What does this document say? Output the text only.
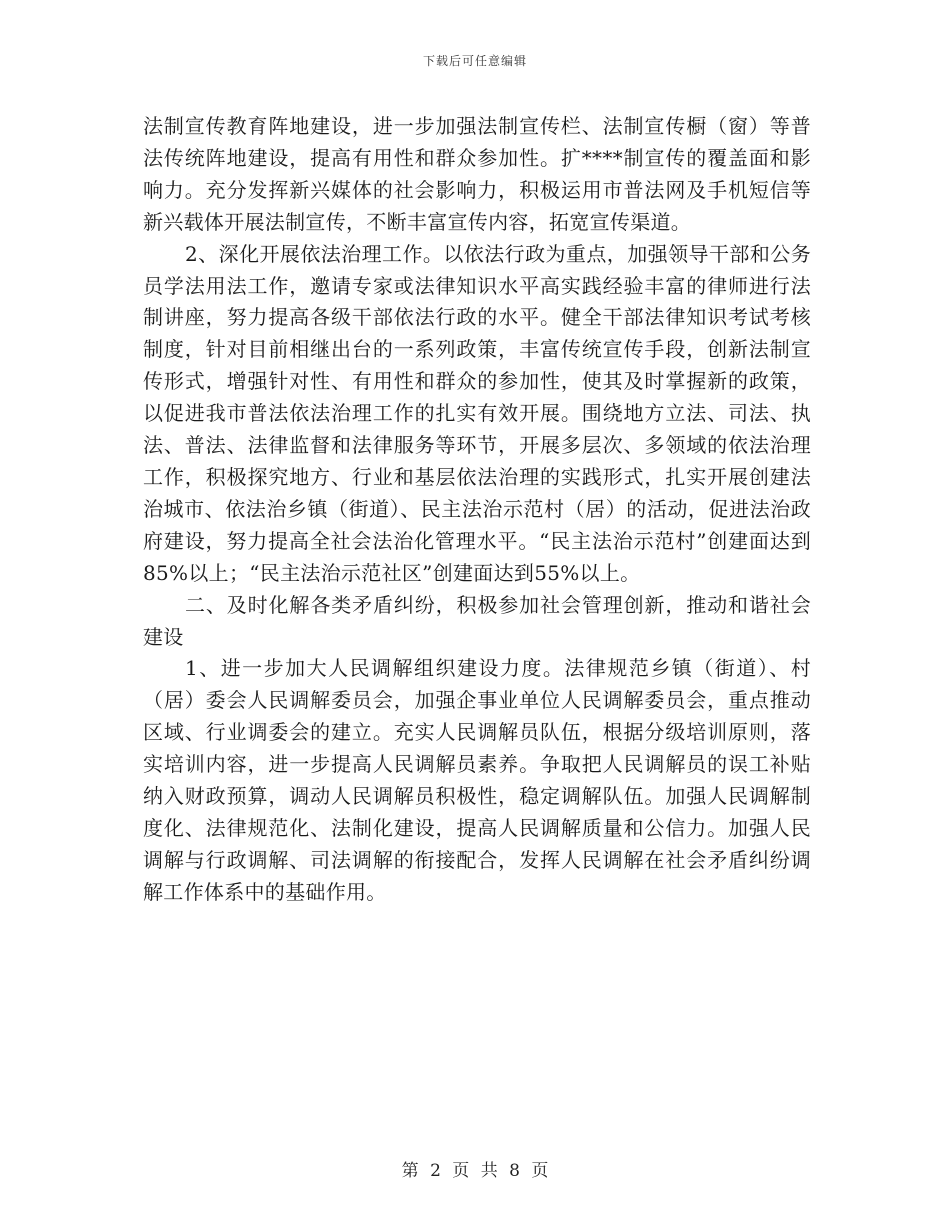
下载后可任意编辑

法制宣传教育阵地建设，进一步加强法制宣传栏、法制宣传橱（窗）等普法传统阵地建设，提高有用性和群众参加性。扩****制宣传的覆盖面和影响力。充分发挥新兴媒体的社会影响力，积极运用市普法网及手机短信等新兴载体开展法制宣传，不断丰富宣传内容，拓宽宣传渠道。

2、深化开展依法治理工作。以依法行政为重点，加强领导干部和公务员学法用法工作，邀请专家或法律知识水平高实践经验丰富的律师进行法制讲座，努力提高各级干部依法行政的水平。健全干部法律知识考试考核制度，针对目前相继出台的一系列政策，丰富传统宣传手段，创新法制宣传形式，增强针对性、有用性和群众的参加性，使其及时掌握新的政策，以促进我市普法依法治理工作的扎实有效开展。围绕地方立法、司法、执法、普法、法律监督和法律服务等环节，开展多层次、多领域的依法治理工作，积极探究地方、行业和基层依法治理的实践形式，扎实开展创建法治城市、依法治乡镇（街道）、民主法治示范村（居）的活动，促进法治政府建设，努力提高全社会法治化管理水平。“民主法治示范村”创建面达到85%以上；“民主法治示范社区”创建面达到55%以上。

二、及时化解各类矛盾纠纷，积极参加社会管理创新，推动和谐社会建设

1、进一步加大人民调解组织建设力度。法律规范乡镇（街道）、村（居）委会人民调解委员会，加强企事业单位人民调解委员会，重点推动区域、行业调委会的建立。充实人民调解员队伍，根据分级培训原则，落实培训内容，进一步提高人民调解员素养。争取把人民调解员的误工补贴纳入财政预算，调动人民调解员积极性，稳定调解队伍。加强人民调解制度化、法律规范化、法制化建设，提高人民调解质量和公信力。加强人民调解与行政调解、司法调解的衔接配合，发挥人民调解在社会矛盾纠纷调解工作体系中的基础作用。

第 2 页 共 8 页
